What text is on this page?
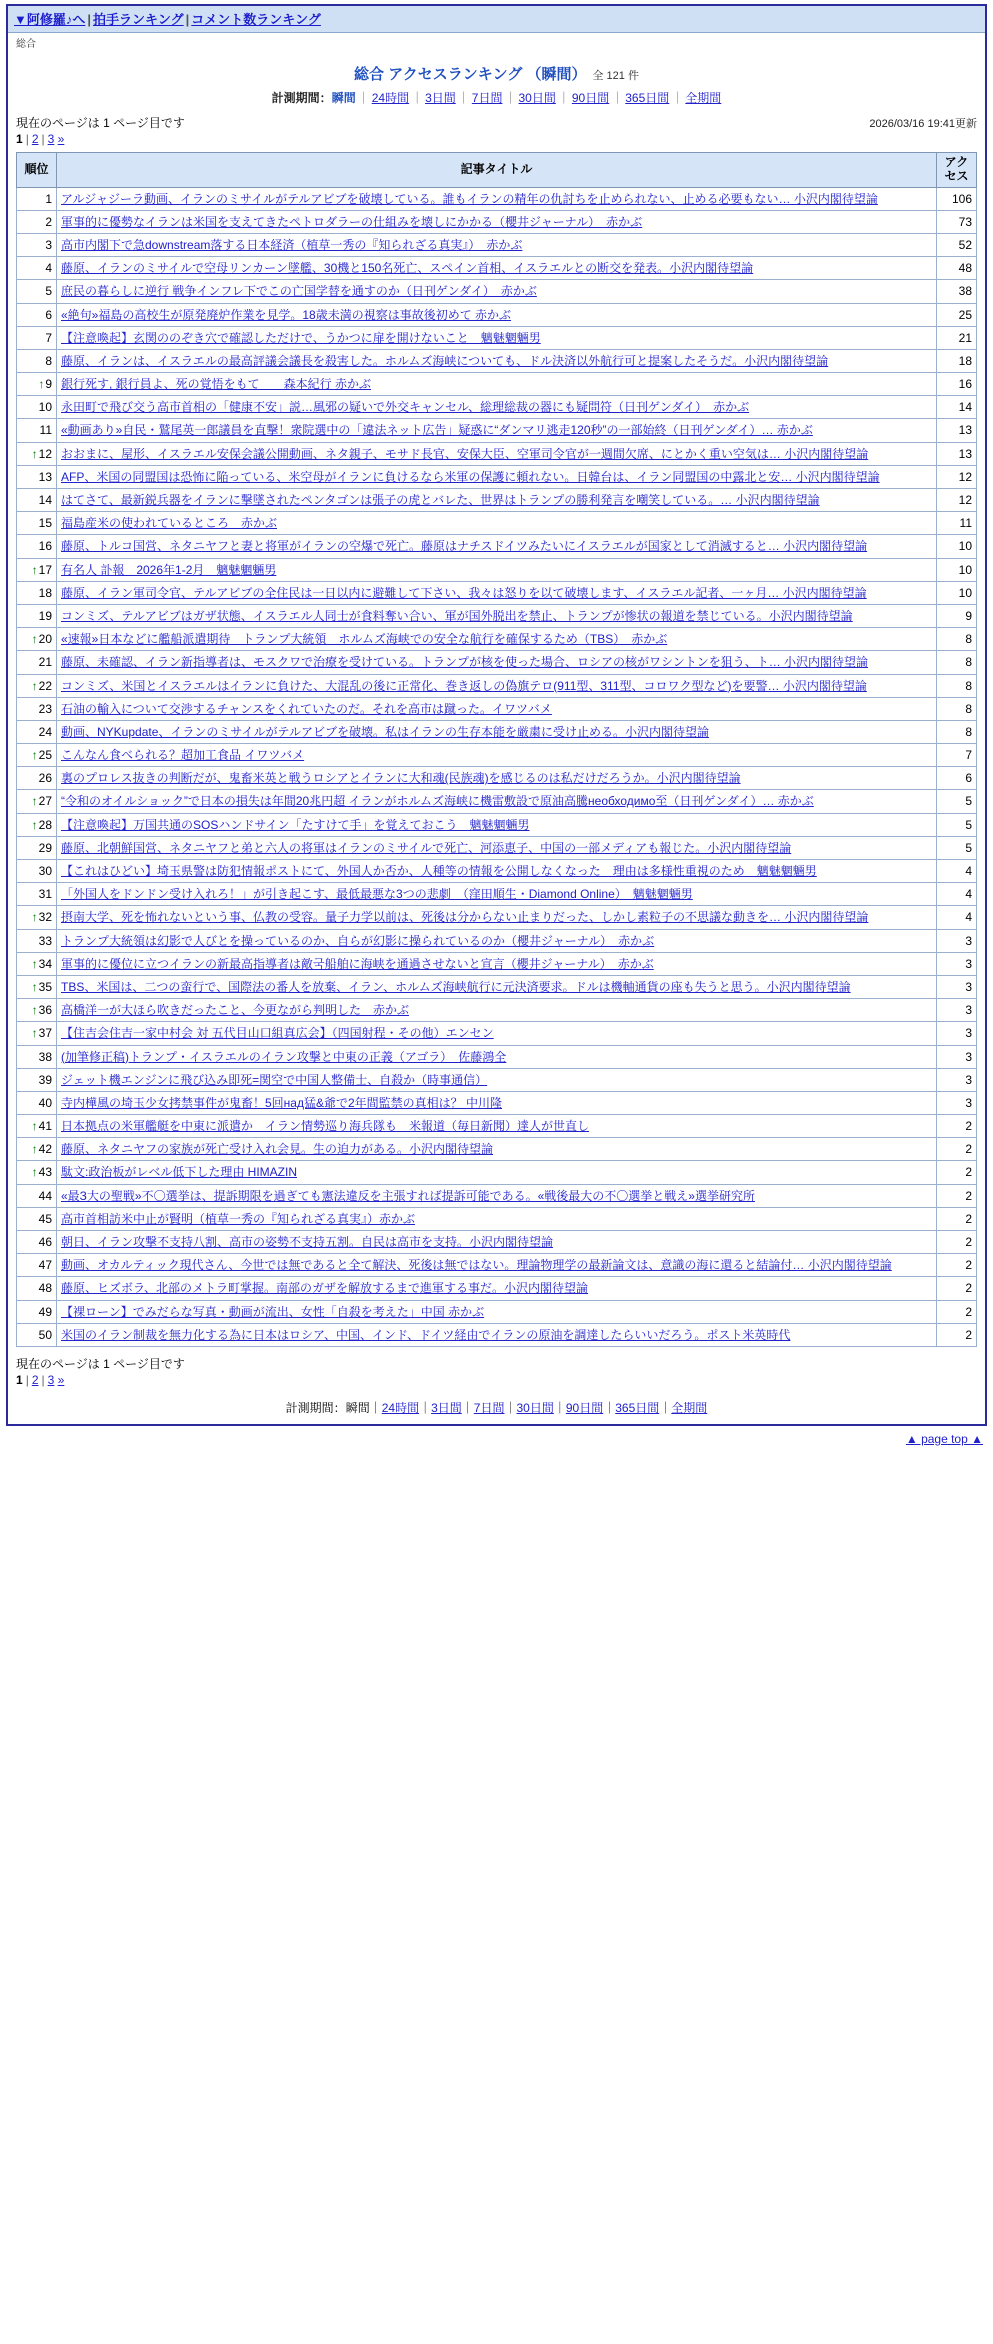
▼阿修羅♪へ | 拍手ランキング | コメント数ランキング
総合
総合 アクセスランキング （瞬間） 全 121 件
計測期間：瞬間 ｜ 24時間 ｜ 3日間 ｜ 7日間 ｜ 30日間 ｜ 90日間 ｜ 365日間 ｜ 全期間
現在のページは 1 ページ目です	2026/03/16 19:41更新
1 | 2 | 3 »
順位	記事タイトル	アクセス
1	アルジャジーラ動画、イランのミサイルがテルアビブを破壊している。誰もイランの精年の仇討ちを止められない、止める必要もない… 小沢内閣待望論	106
2	軍事的に優勢なイランは米国を支えてきたペトロダラーの仕組みを壊しにかかる（櫻井ジャーナル）　赤かぶ	73
3	高市内閣下で急downstream落する日本経済（植草一秀の『知られざる真実』）　赤かぶ	52
4	藤原、イランのミサイルで空母リンカーン墜艦、30機と150名死亡、スペイン首相、イスラエルとの断交を発表。小沢内閣待望論	48
5	庶民の暮らしに逆行 戦争インフレ下でこの亡国学替を通すのか（日刊ゲンダイ）　赤かぶ	38
6	«絶句»福島の高校生が原発廃炉作業を見学。18歳未満の視察は事故後初めて 赤かぶ	25
7	【注意喚起】玄関ののぞき穴で確認しただけで、うかつに扉を開けないこと　魑魅魍魎男	21
8	藤原、イランは、イスラエルの最高評議会議長を殺害した。ホルムズ海峡についても、ドル決済以外航行可と提案したそうだ。小沢内閣待望論	18
↑9	銀行死す, 銀行員よ、死の覚悟をもて　　森本紀行 赤かぶ	16
10	永田町で飛び交う高市首相の「健康不安」説…風邪の疑いで外交キャンセル、総理総裁の器にも疑問符（日刊ゲンダイ）　赤かぶ	14
11	«動画あり»自民・鷲尾英一郎議員を直撃！衆院選中の「違法ネット広告」疑惑に“ダンマリ逃走120秒”の一部始終（日刊ゲンダイ）… 赤かぶ	13
↑12	おおまに、屋形、イスラエル安保会議公開動画、ネタ親子、モサド長官、安保大臣、空軍司令官が一週間欠席、にとかく重い空気は… 小沢内閣待望論	13
13	AFP、米国の同盟国は恐怖に陥っている、米空母がイランに負けるなら米軍の保護に頼れない。日韓台は、イラン同盟国の中露北と安… 小沢内閣待望論	12
14	はてさて、最新鋭兵器をイランに撃墜されたペンタゴンは張子の虎とバレた、世界はトランプの勝利発言を嘲笑している。… 小沢内閣待望論	12
15	福島産米の使われているところ　赤かぶ	11
16	藤原、トルコ国営、ネタニヤフと妻と将軍がイランの空爆で死亡。藤原はナチスドイツみたいにイスラエルが国家として消滅すると… 小沢内閣待望論	10
↑17	有名人 訃報　2026年1-2月　魑魅魍魎男	10
18	藤原、イラン軍司令官、テルアビブの全住民は一日以内に避難して下さい、我々は怒りを以て破壊します、イスラエル記者、一ヶ月… 小沢内閣待望論	10
19	コンミズ、テルアビブはガザ状態、イスラエル人同士が食料奪い合い、軍が国外脱出を禁止、トランプが惨状の報道を禁じている。小沢内閣待望論	9
↑20	«速報»日本などに艦船派遣期待　トランプ大統領　ホルムズ海峡での安全な航行を確保するため（TBS）　赤かぶ	8
21	藤原、未確認、イラン新指導者は、モスクワで治療を受けている。トランプが核を使った場合、ロシアの核がワシントンを狙う、ト… 小沢内閣待望論	8
↑22	コンミズ、米国とイスラエルはイランに負けた、大混乱の後に正常化、巻き返しの偽旗テロ(911型、311型、コロワク型など)を要警… 小沢内閣待望論	8
23	石油の輸入について交渉するチャンスをくれていたのだ。それを高市は蹴った。イワツバメ	8
24	動画、NYKupdate、イランのミサイルがテルアビブを破壊。私はイランの生存本能を厳粛に受け止める。小沢内閣待望論	8
↑25	こんなん食べられる？超加工食品 イワツバメ	7
26	裏のプロレス抜きの判断だが、鬼畜米英と戦うロシアとイランに大和魂(民族魂)を感じるのは私だけだろうか。小沢内閣待望論	6
↑27	“令和のオイルショック”で日本の損失は年間20兆円超 イランがホルムズ海峡に機雷敷設で原油高騰необходимо至（日刊ゲンダイ）… 赤かぶ	5
↑28	【注意喚起】万国共通のSOSハンドサイン「たすけて手」を覚えておこう　魑魅魍魎男	5
29	藤原、北朝鮮国営、ネタニヤフと弟と六人の将軍はイランのミサイルで死亡、河添恵子、中国の一部メディアも報じた。小沢内閣待望論	5
30	【これはひどい】埼玉県警は防犯情報ポストにて、外国人か否か、人種等の情報を公開しなくなった　理由は多様性重視のため　魑魅魍魎男	4
31	「外国人をドンドン受け入れろ！」が引き起こす、最低最悪な3つの悲劇　（窪田順生・Diamond Online）　魑魅魍魎男	4
↑32	摂南大学、死を怖れないという事、仏教の受容。量子力学以前は、死後は分からない止まりだった、しかし素粒子の不思議な動きを… 小沢内閣待望論	4
33	トランプ大統領は幻影で人びとを操っているのか、自らが幻影に操られているのか（櫻井ジャーナル）　赤かぶ	3
↑34	軍事的に優位に立つイランの新最高指導者は敵국船舶に海峡を通過させないと宣言（櫻井ジャーナル）　赤かぶ	3
↑35	TBS、米国は、二つの蛮行で、国際法の番人を放棄、イラン、ホルムズ海峡航行に元決済要求。ドルは機軸通貨の座も失うと思う。小沢内閣待望論	3
↑36	高橋洋一が大ほら吹きだったこと、今更ながら判明した　赤かぶ	3
↑37	【住吉会住吉一家中村会 対 五代目山口組真広会】（四国射程・その他）エンセン	3
38	(加筆修正稿)トランプ・イスラエルのイラン攻撃と中東の正義（アゴラ）　佐藤鴻全	3
39	ジェット機エンジンに飛び込み即死=関空で中国人整備士、自殺か（時事通信）	3
40	寺内樺風の埼玉少女拷禁事件が鬼畜！5回над猛&爺で2年間監禁の真相は？ 中川隆	3
↑41	日本拠点の米軍艦艇を中東に派遣か　イラン情勢巡り海兵隊も　米報道（毎日新聞）達人が世直し	2
↑42	藤原、ネタニヤフの家族が死亡受け入れ会見。生の迫力がある。小沢内閣待望論	2
↑43	駄文:政治板がレベル低下した理由 HIMAZIN	2
44	«最З大の聖戦»不〇選挙は、提訴期限を過ぎても憲法違反を主張すれば提訴可能である。«戦後最大の不〇選挙と戦え»選挙研究所	2
45	高市首相訪米中止が賢明（植草一秀の『知られざる真実』）赤かぶ	2
46	朝日、イラン攻撃不支持八割、高市の姿勢不支持五割。自民は高市を支持。小沢内閣待望論	2
47	動画、オカルティック現代さん、今世では無であると全て解決、死後は無ではない。理論物理学の最新論文は、意識の海に還ると結論付… 小沢内閣待望論	2
48	藤原、ヒズボラ、北部のメトラ町掌握。南部のガザを解放するまで進軍する事だ。小沢内閣待望論	2
49	【裸ローン】でみだらな写真・動画が流出、女性「自殺を考えた」中国 赤かぶ	2
50	米国のイラン制裁を無力化する為に日本はロシア、中国、インド、ドイツ経由でイランの原油を調達したらいいだろう。ポスト米英時代	2
現在のページは 1 ページ目です
1 | 2 | 3 »
計測期間：瞬間｜24時間｜3日間｜7日間｜30日間｜90日間｜365日間｜全期間
▲ page top ▲
